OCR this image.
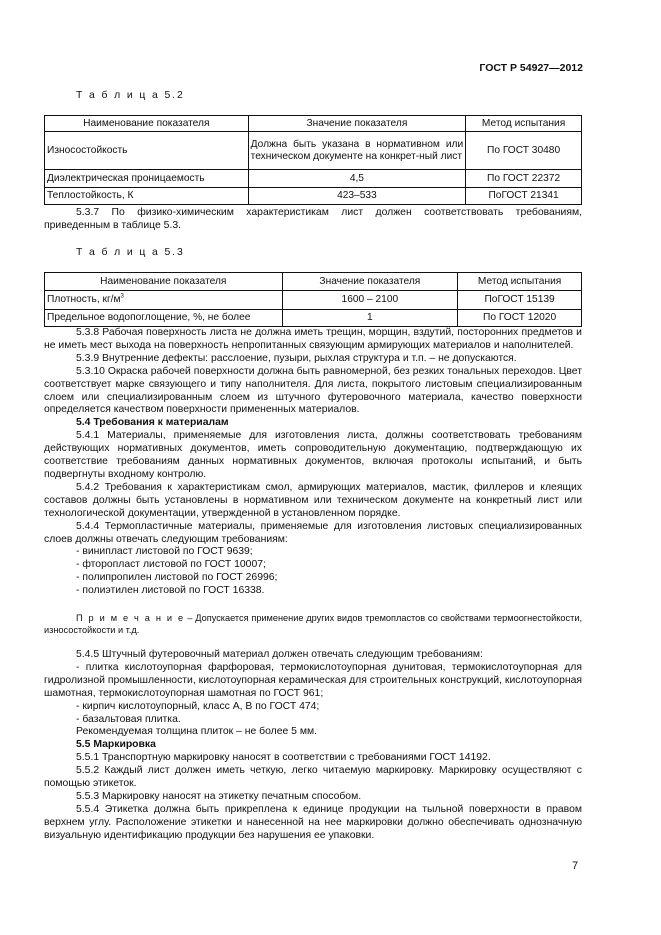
ГОСТ Р 54927—2012
Т а б л и ц а 5.2
Наименование показателя	Значение показателя	Метод испытания
Износостойкость	Должна быть указана в нормативном или техническом документе на конкрет-ный лист	По ГОСТ 30480
Диэлектрическая проницаемость	4,5	По ГОСТ 22372
Теплостойкость, К	423–533	ПоГОСТ 21341

5.3.7 По физико-химическим характеристикам лист должен соответствовать требованиям, приведенным в таблице 5.3.

Т а б л и ц а 5.3
Наименование показателя	Значение показателя	Метод испытания
Плотность, $кг/м^3$	1600 – 2100	ПоГОСТ 15139
Предельное водопоглощение, %, не более	1	По ГОСТ 12020

5.3.8 Рабочая поверхность листа не должна иметь трещин, морщин, вздутий, посторонних предметов и не иметь мест выхода на поверхность непропитанных связующим армирующих материалов и наполнителей.

5.3.9 Внутренние дефекты: расслоение, пузыри, рыхлая структура и т.п. – не допускаются.

5.3.10 Окраска рабочей поверхности должна быть равномерной, без резких тональных переходов. Цвет соответствует марке связующего и типу наполнителя. Для листа, покрытого листовым специализированным слоем или специализированным слоем из штучного футеровочного материала, качество поверхности определяется качеством поверхности примененных материалов.

5.4 Требования к материалам

5.4.1 Материалы, применяемые для изготовления листа, должны соответствовать требованиям действующих нормативных документов, иметь сопроводительную документацию, подтверждающую их соответствие требованиям данных нормативных документов, включая протоколы испытаний, и быть подвергнуты входному контролю.

5.4.2 Требования к характеристикам смол, армирующих материалов, мастик, филлеров и клеящих составов должны быть установлены в нормативном или техническом документе на конкретный лист или технологической документации, утвержденной в установленном порядке.

5.4.4 Термопластичные материалы, применяемые для изготовления листовых специализированных слоев должны отвечать следующим требованиям:

- винипласт листовой по ГОСТ 9639;

- фторопласт листовой по ГОСТ 10007;

- полипропилен листовой по ГОСТ 26996;

- полиэтилен листовой по ГОСТ 16338.

П р и м е ч а н и е – Допускается применение других видов тремопластов со свойствами термоогнестойкости, износостойкости и т.д.

5.4.5 Штучный футеровочный материал должен отвечать следующим требованиям:

- плитка кислотоупорная фарфоровая, термокислотоупорная дунитовая, термокислотоупорная для гидролизной промышленности, кислотоупорная керамическая для строительных конструкций, кислотоупорная шамотная, термокислотоупорная шамотная по ГОСТ 961;

- кирпич кислотоупорный, класс А, В по ГОСТ 474;

- базальтовая плитка.

Рекомендуемая толщина плиток – не более 5 мм.

5.5 Маркировка

5.5.1 Транспортную маркировку наносят в соответствии с требованиями ГОСТ 14192.

5.5.2 Каждый лист должен иметь четкую, легко читаемую маркировку. Маркировку осуществляют с помощью этикеток.

5.5.3 Маркировку наносят на этикетку печатным способом.

5.5.4 Этикетка должна быть прикреплена к единице продукции на тыльной поверхности в правом верхнем углу. Расположение этикетки и нанесенной на нее маркировки должно обеспечивать однозначную визуальную идентификацию продукции без нарушения ее упаковки.

7
